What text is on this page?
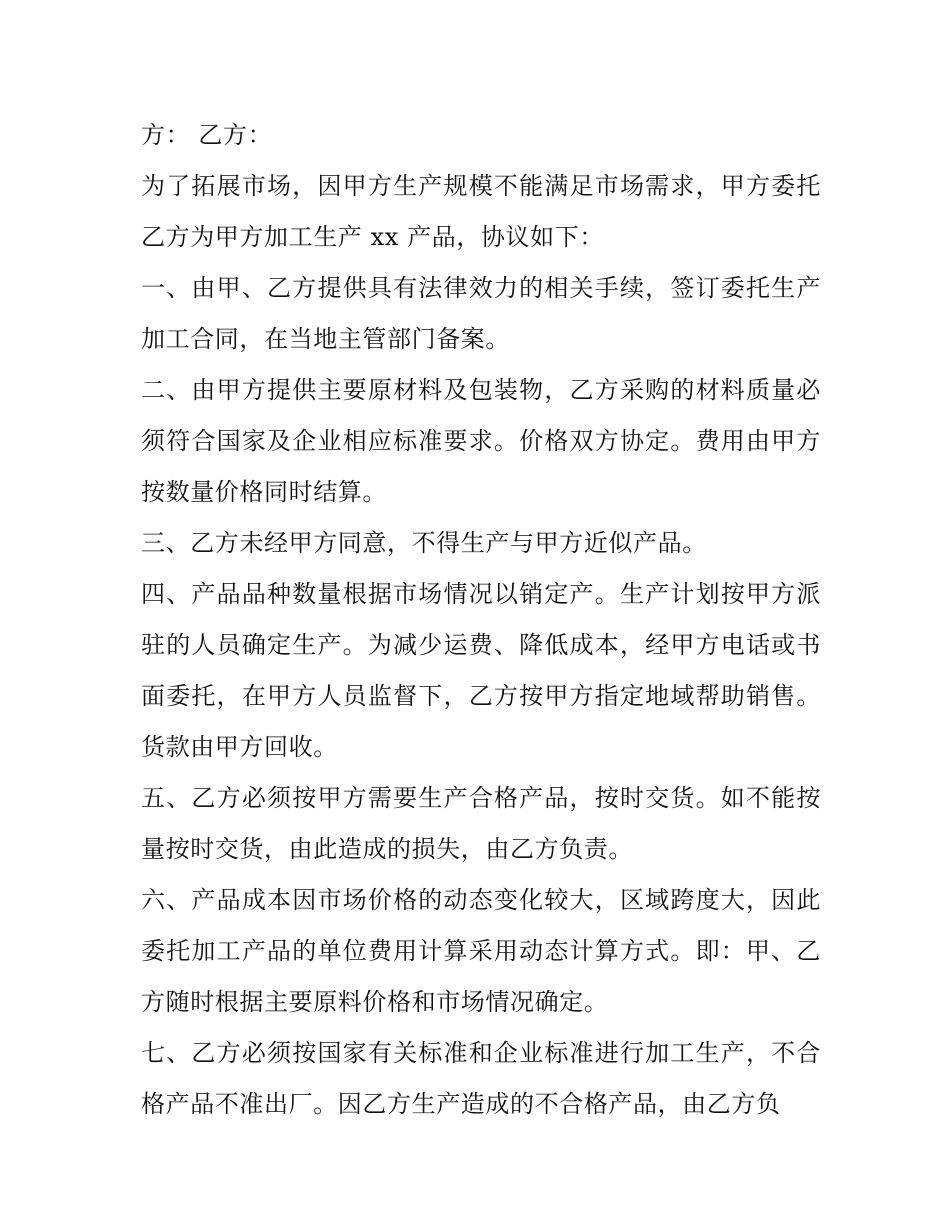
方： 乙方：
为了拓展市场，因甲方生产规模不能满足市场需求，甲方委托
乙方为甲方加工生产 xx 产品，协议如下：
一、由甲、乙方提供具有法律效力的相关手续，签订委托生产
加工合同，在当地主管部门备案。
二、由甲方提供主要原材料及包装物，乙方采购的材料质量必
须符合国家及企业相应标准要求。价格双方协定。费用由甲方
按数量价格同时结算。
三、乙方未经甲方同意，不得生产与甲方近似产品。
四、产品品种数量根据市场情况以销定产。生产计划按甲方派
驻的人员确定生产。为减少运费、降低成本，经甲方电话或书
面委托，在甲方人员监督下，乙方按甲方指定地域帮助销售。
货款由甲方回收。
五、乙方必须按甲方需要生产合格产品，按时交货。如不能按
量按时交货，由此造成的损失，由乙方负责。
六、产品成本因市场价格的动态变化较大，区域跨度大，因此
委托加工产品的单位费用计算采用动态计算方式。即：甲、乙
方随时根据主要原料价格和市场情况确定。
七、乙方必须按国家有关标准和企业标准进行加工生产，不合
格产品不准出厂。因乙方生产造成的不合格产品，由乙方负
